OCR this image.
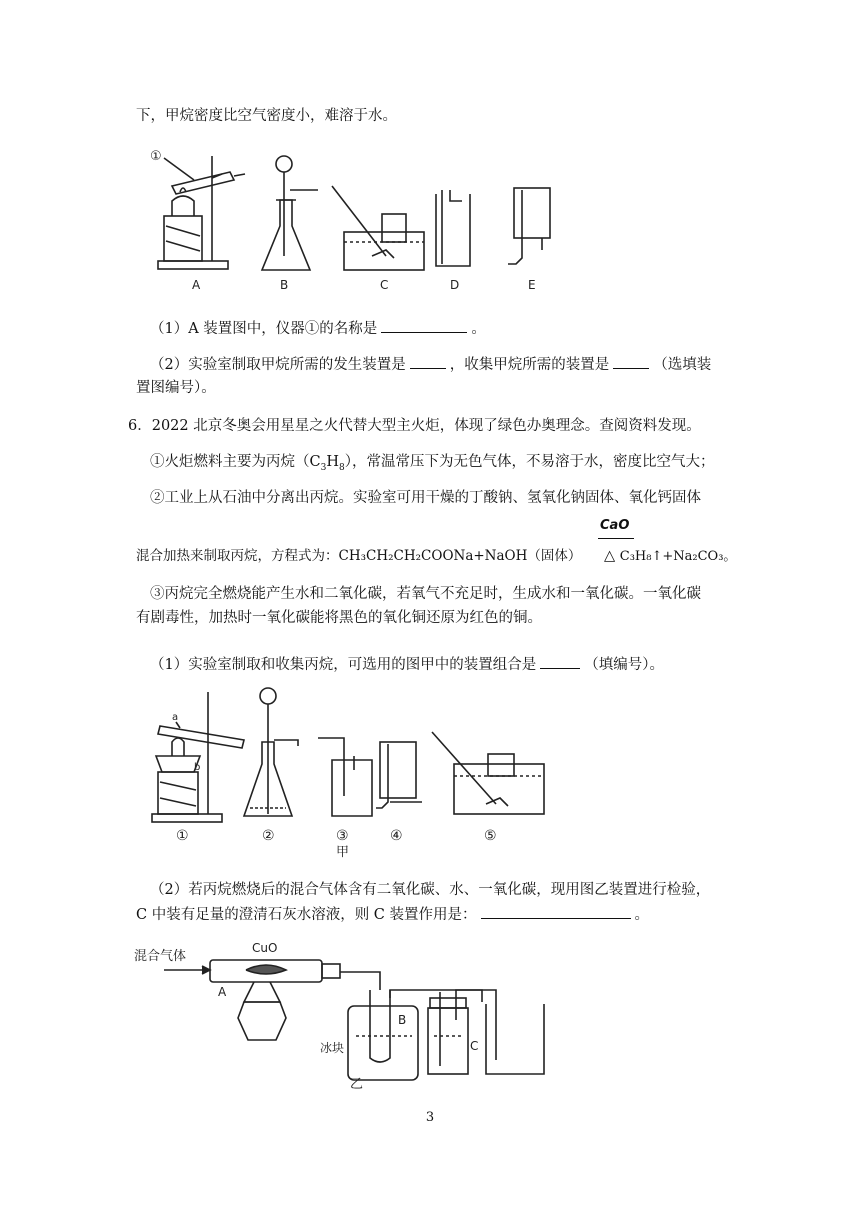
下，甲烷密度比空气密度小，难溶于水。
①
A	B	C	D	E
（1）A 装置图中，仪器①的名称是	。
（2）实验室制取甲烷所需的发生装置是	，收集甲烷所需的装置是	（选填装
置图编号）。
6．2022 北京冬奥会用星星之火代替大型主火炬，体现了绿色办奥理念。查阅资料发现。
①火炬燃料主要为丙烷$(C_3H_8)$，常温常压下为无色气体，不易溶于水，密度比空气大；
②工业上从石油中分离出丙烷。实验室可用干燥的丁酸钠、氢氧化钠固体、氧化钙固体
混合加热来制取丙烷，方程式为：CH₃CH₂CH₂COONa+NaOH（固体）
CaO
△ C₃H₈↑+Na₂CO₃。
③丙烷完全燃烧能产生水和二氧化碳，若氧气不充足时，生成水和一氧化碳。一氧化碳
有剧毒性，加热时一氧化碳能将黑色的氧化铜还原为红色的铜。
（1）实验室制取和收集丙烷，可选用的图甲中的装置组合是	（填编号）。
a
b
①	②	③	④	⑤
甲
（2）若丙烷燃烧后的混合气体含有二氧化碳、水、一氧化碳，现用图乙装置进行检验，
C 中装有足量的澄清石灰水溶液，则 C 装置作用是：	。
混合气体
CuO
A
B
冰块
乙
C
3
